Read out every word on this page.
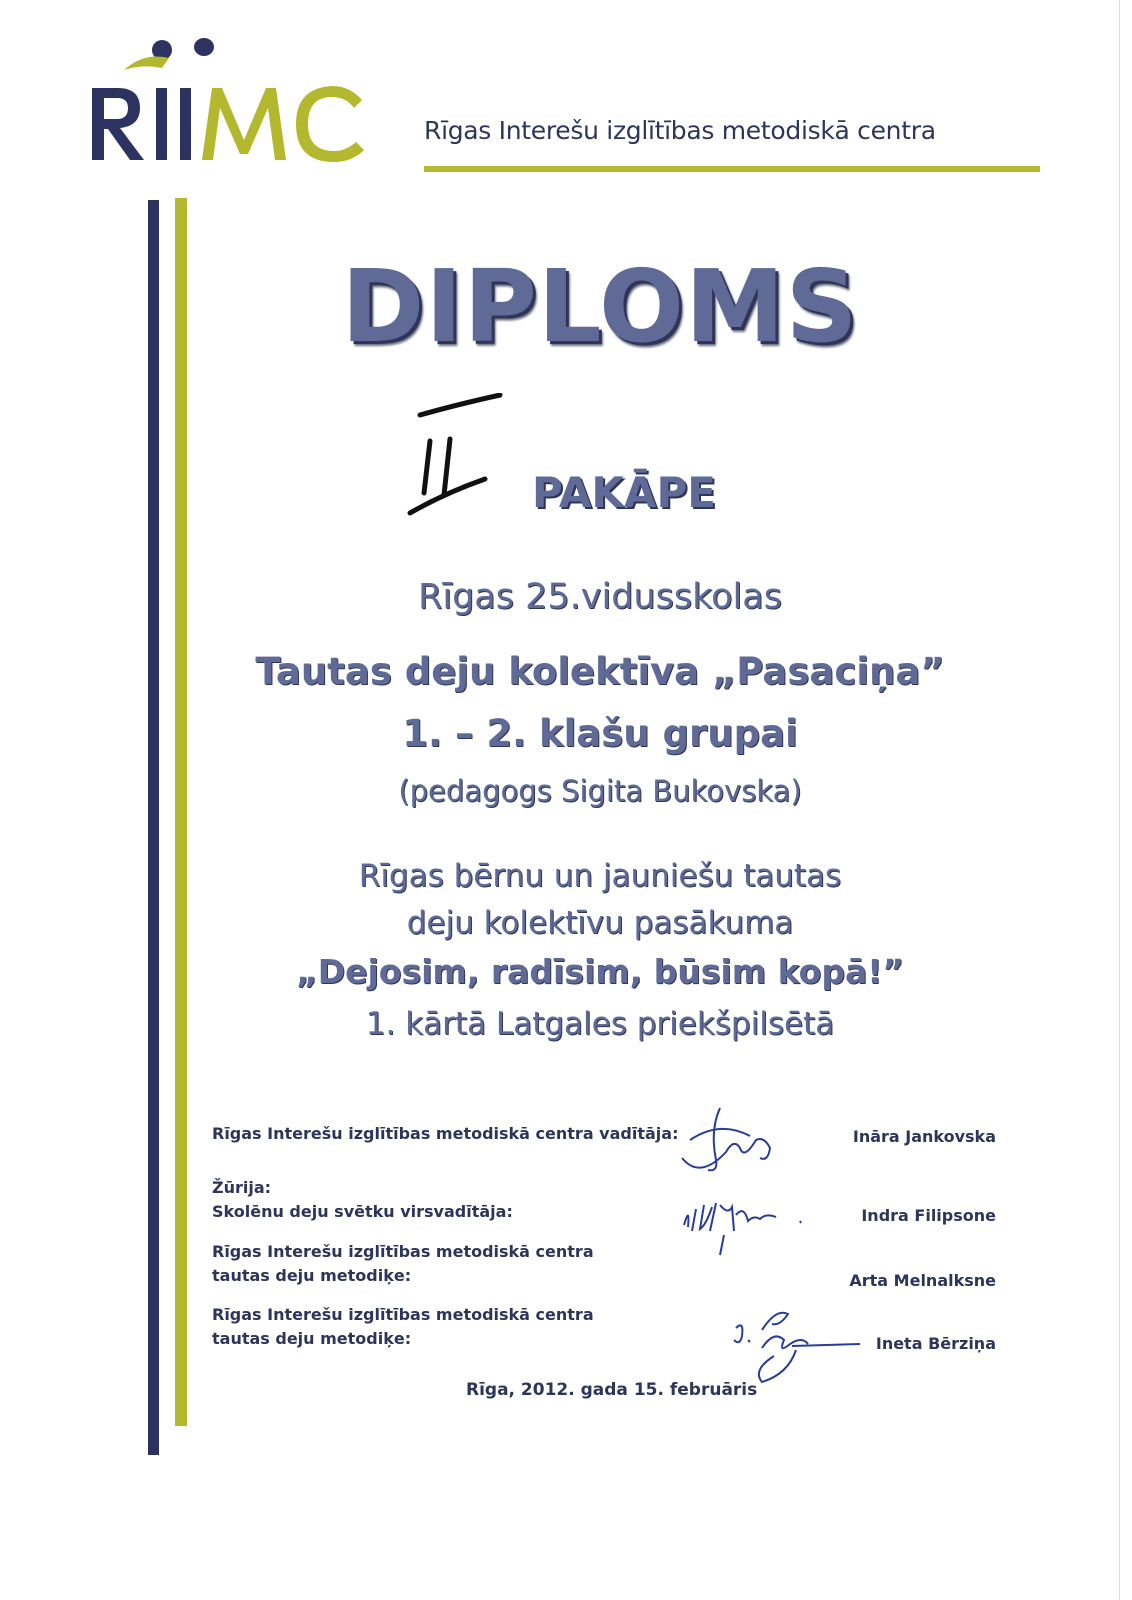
Rīgas Interešu izglītības metodiskā centra
DIPLOMS
PAKĀPE
Rīgas 25.vidusskolas
Tautas deju kolektīva „Pasaciņa”
1. – 2. klašu grupai
(pedagogs Sigita Bukovska)
Rīgas bērnu un jauniešu tautas
deju kolektīvu pasākuma
„Dejosim, radīsim, būsim kopā!”
1. kārtā Latgales priekšpilsētā
Rīgas Interešu izglītības metodiskā centra vadītāja:	Ināra Jankovska
Žūrija:
Skolēnu deju svētku virsvadītāja:	Indra Filipsone
Rīgas Interešu izglītības metodiskā centra
tautas deju metodiķe:	Arta Melnalksne
Rīgas Interešu izglītības metodiskā centra
tautas deju metodiķe:	Ineta Bērziņa
Rīga, 2012. gada 15. februāris
